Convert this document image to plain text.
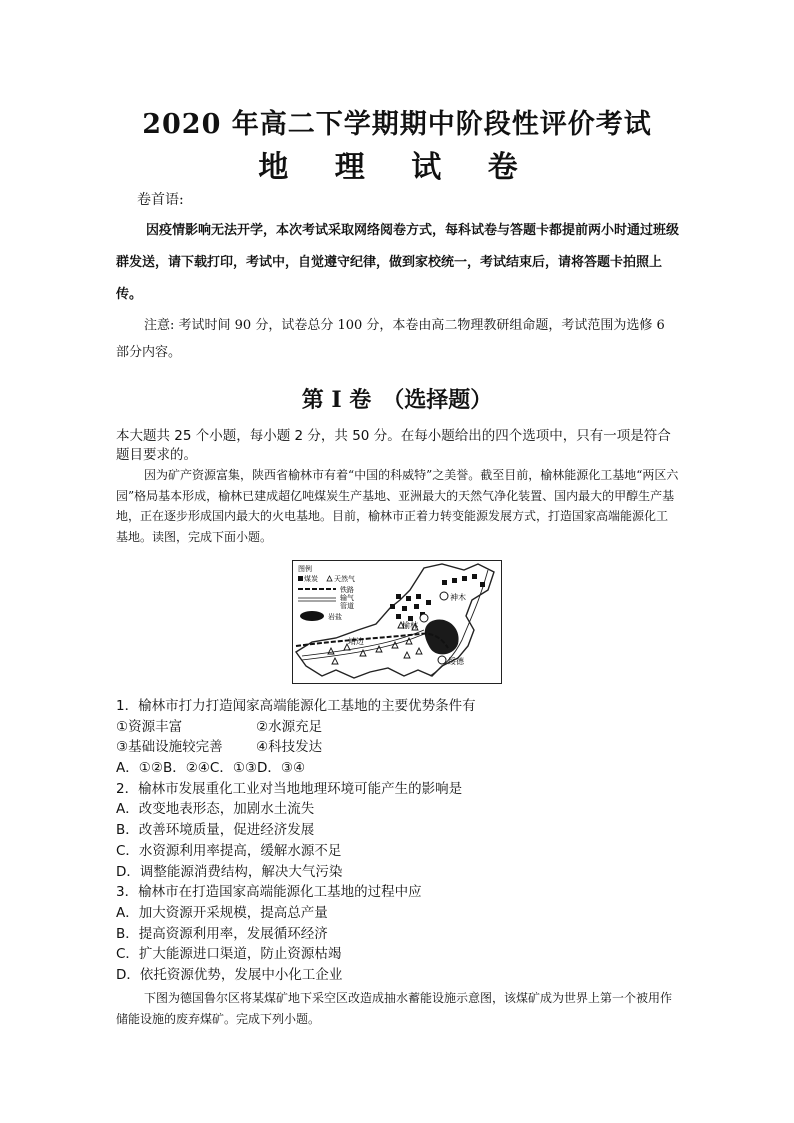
2020 年高二下学期期中阶段性评价考试
地 理 试 卷
卷首语:

因疫情影响无法开学，本次考试采取网络阅卷方式，每科试卷与答题卡都提前两小时通过班级群发送，请下载打印，考试中，自觉遵守纪律，做到家校统一，考试结束后，请将答题卡拍照上传。

注意: 考试时间 90 分，试卷总分 100 分，本卷由高二物理教研组命题，考试范围为选修 6 部分内容。

第 I 卷　（选择题）

本大题共 25 个小题，每小题 2 分，共 50 分。在每小题给出的四个选项中，只有一项是符合题目要求的。

因为矿产资源富集，陕西省榆林市有着“中国的科威特”之美誉。截至目前，榆林能源化工基地“两区六园”格局基本形成，榆林已建成超亿吨煤炭生产基地、亚洲最大的天然气净化装置、国内最大的甲醇生产基地，正在逐步形成国内最大的火电基地。目前，榆林市正着力转变能源发展方式，打造国家高端能源化工基地。读图，完成下面小题。

神木
榆林
靖边
绥德
图例
煤炭 天然气
铁路
输气
管道
岩盐
1．榆林市打力打造闻家高端能源化工基地的主要优势条件有
①资源丰富	②水源充足
③基础设施较完善 ④科技发达
A．①②B．②④C．①③D．③④
2．榆林市发展重化工业对当地地理环境可能产生的影响是
A．改变地表形态，加剧水土流失
B．改善环境质量，促进经济发展
C．水资源利用率提高，缓解水源不足
D．调整能源消费结构，解决大气污染
3．榆林市在打造国家高端能源化工基地的过程中应
A．加大资源开采规模，提高总产量
B．提高资源利用率，发展循环经济
C．扩大能源进口渠道，防止资源枯竭
D．依托资源优势，发展中小化工企业

下图为德国鲁尔区将某煤矿地下采空区改造成抽水蓄能设施示意图，该煤矿成为世界上第一个被用作储能设施的废弃煤矿。完成下列小题。
